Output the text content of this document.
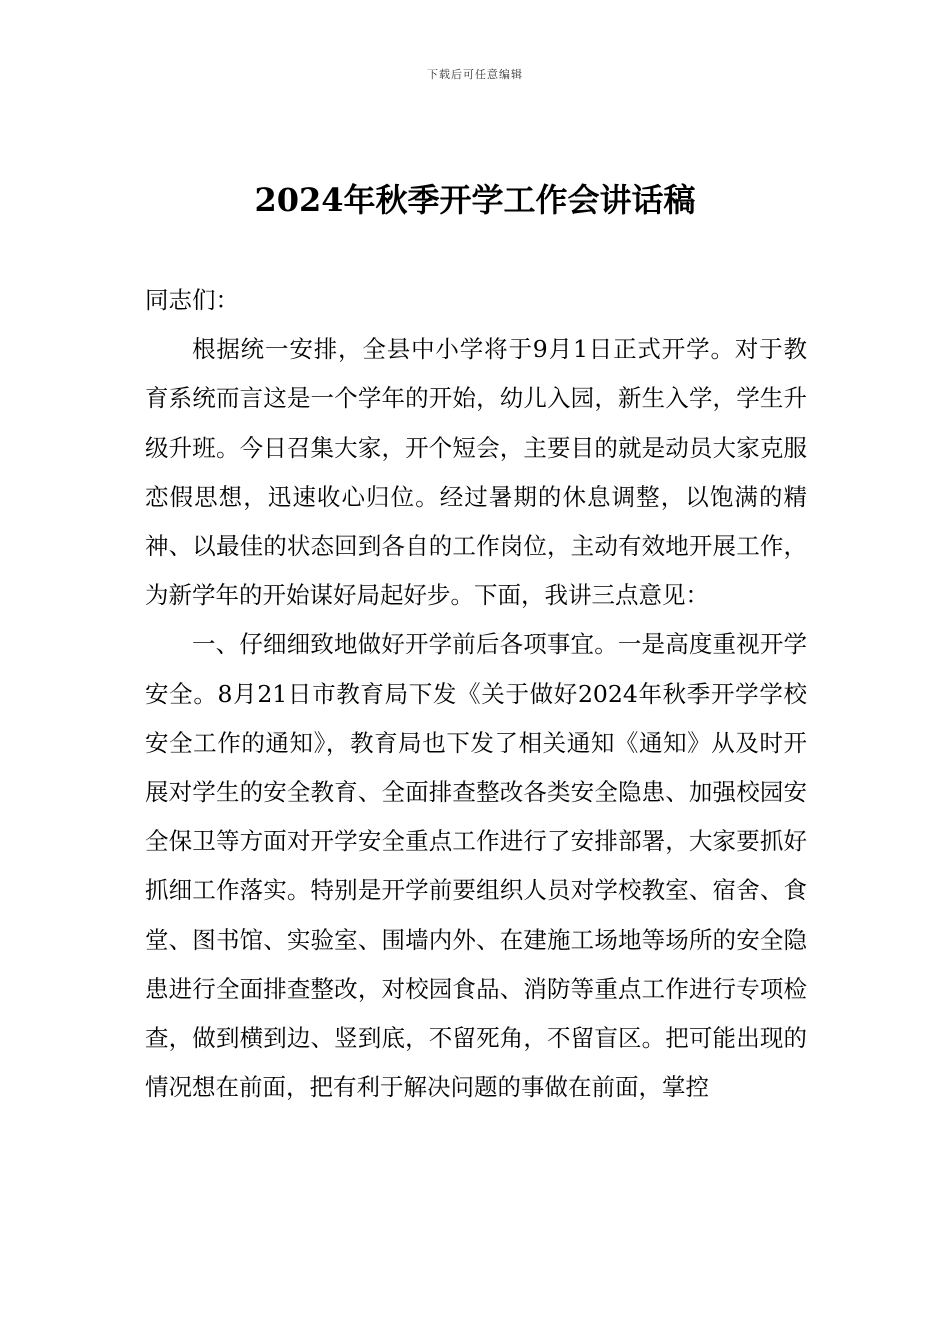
下载后可任意编辑
2024年秋季开学工作会讲话稿

同志们：

根据统一安排，全县中小学将于9月1日正式开学。对于教育系统而言这是一个学年的开始，幼儿入园，新生入学，学生升级升班。今日召集大家，开个短会，主要目的就是动员大家克服恋假思想，迅速收心归位。经过暑期的休息调整，以饱满的精神、以最佳的状态回到各自的工作岗位，主动有效地开展工作，为新学年的开始谋好局起好步。下面，我讲三点意见：

一、仔细细致地做好开学前后各项事宜。一是高度重视开学安全。8月21日市教育局下发《关于做好2024年秋季开学学校安全工作的通知》，教育局也下发了相关通知《通知》从及时开展对学生的安全教育、全面排查整改各类安全隐患、加强校园安全保卫等方面对开学安全重点工作进行了安排部署，大家要抓好抓细工作落实。特别是开学前要组织人员对学校教室、宿舍、食堂、图书馆、实验室、围墙内外、在建施工场地等场所的安全隐患进行全面排查整改，对校园食品、消防等重点工作进行专项检查，做到横到边、竖到底，不留死角，不留盲区。把可能出现的情况想在前面，把有利于解决问题的事做在前面，掌控
